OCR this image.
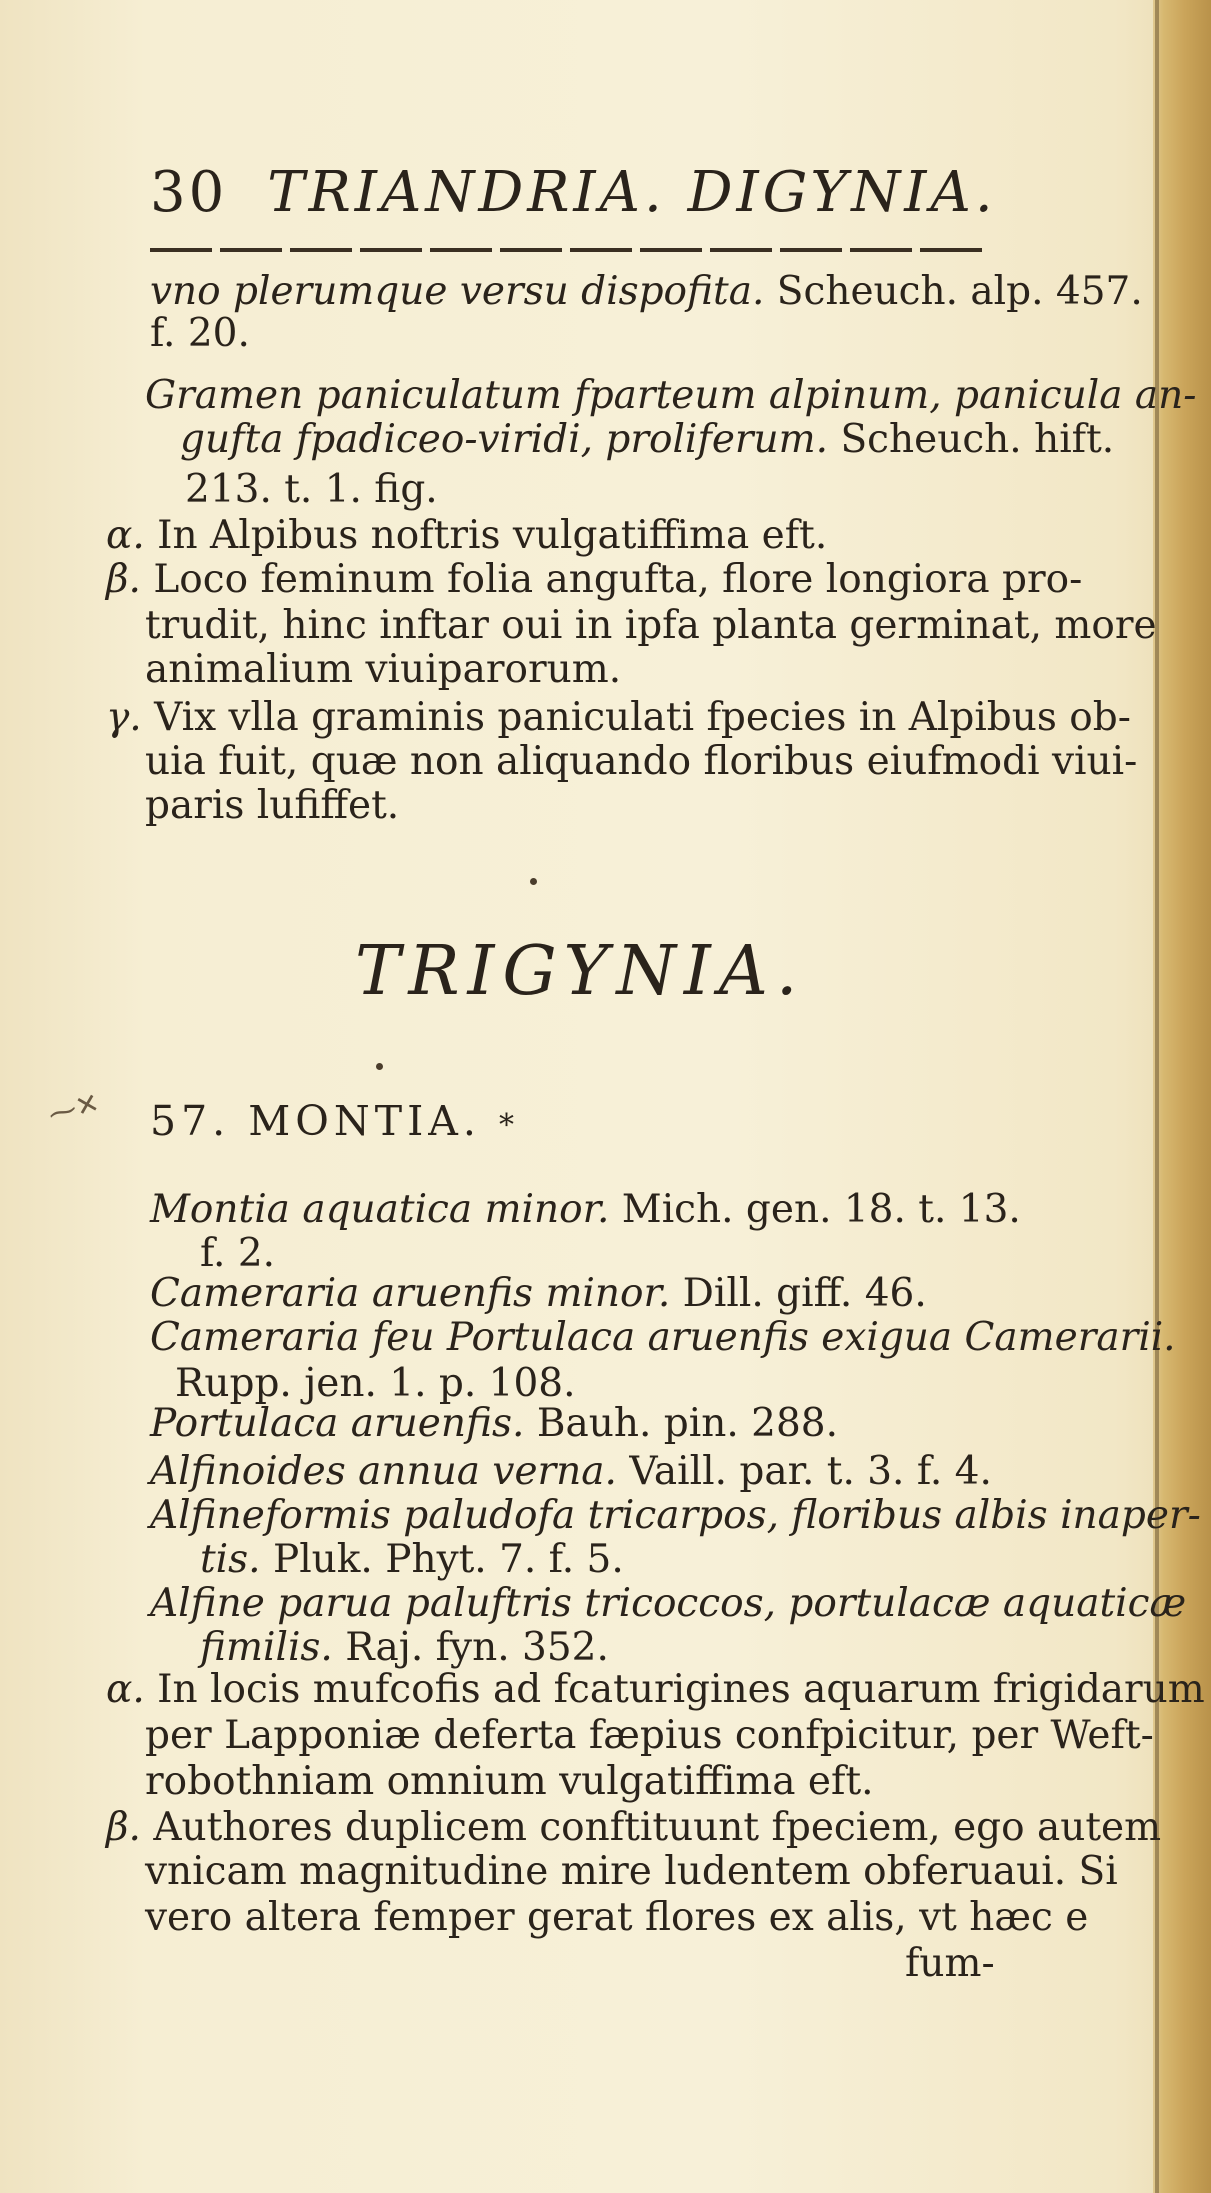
30 TRIANDRIA. DIGYNIA.
vno plerumque versu dispofita. Scheuch. alp. 457.
f. 20.
Gramen paniculatum fparteum alpinum, panicula an-
gufta fpadiceo-viridi, proliferum. Scheuch. hift.
213. t. 1. fig.
α. In Alpibus noftris vulgatiffima eft.
β. Loco feminum folia angufta, flore longiora pro-
trudit, hinc inftar oui in ipfa planta germinat, more
animalium viuiparorum.
γ. Vix vlla graminis paniculati fpecies in Alpibus ob-
uia fuit, quæ non aliquando floribus eiufmodi viui-
paris lufiffet.
TRIGYNIA.
⁓✕ 57. MONTIA. *
Montia aquatica minor. Mich. gen. 18. t. 13.
f. 2.
Cameraria aruenfis minor. Dill. giff. 46.
Cameraria feu Portulaca aruenfis exigua Camerarii.
Rupp. jen. 1. p. 108.
Portulaca aruenfis. Bauh. pin. 288.
Alfinoides annua verna. Vaill. par. t. 3. f. 4.
Alfineformis paludofa tricarpos, floribus albis inaper-
tis. Pluk. Phyt. 7. f. 5.
Alfine parua paluftris tricoccos, portulacæ aquaticæ
fimilis. Raj. fyn. 352.
α. In locis mufcofis ad fcaturigines aquarum frigidarum
per Lapponiæ deferta fæpius confpicitur, per Weft-
robothniam omnium vulgatiffima eft.
β. Authores duplicem conftituunt fpeciem, ego autem
vnicam magnitudine mire ludentem obferuaui. Si
vero altera femper gerat flores ex alis, vt hæc e
fum-
